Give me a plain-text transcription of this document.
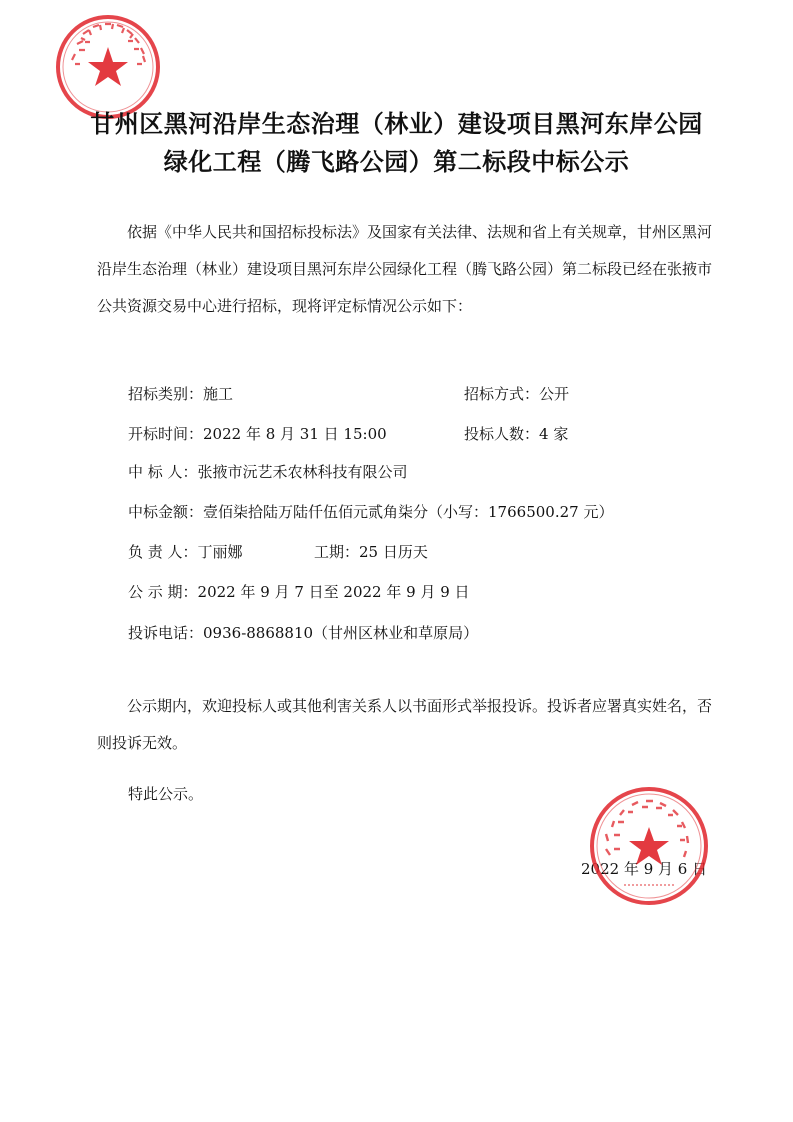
甘州区黑河沿岸生态治理（林业）建设项目黑河东岸公园
绿化工程（腾飞路公园）第二标段中标公示
依据《中华人民共和国招标投标法》及国家有关法律、法规和省上有关规章，甘州区黑河沿岸生态治理（林业）建设项目黑河东岸公园绿化工程（腾飞路公园）第二标段已经在张掖市公共资源交易中心进行招标，现将评定标情况公示如下：
招标类别：施工	招标方式：公开
开标时间：2022 年 8 月 31 日 15:00	投标人数：4 家
中 标 人：张掖市沅艺禾农林科技有限公司
中标金额：壹佰柒拾陆万陆仟伍佰元贰角柒分（小写：1766500.27 元）
负 责 人：丁丽娜	工期：25 日历天
公 示 期：2022 年 9 月 7 日至 2022 年 9 月 9 日
投诉电话：0936-8868810（甘州区林业和草原局）
公示期内，欢迎投标人或其他利害关系人以书面形式举报投诉。投诉者应署真实姓名，否则投诉无效。
特此公示。
2022 年 9 月 6 日
